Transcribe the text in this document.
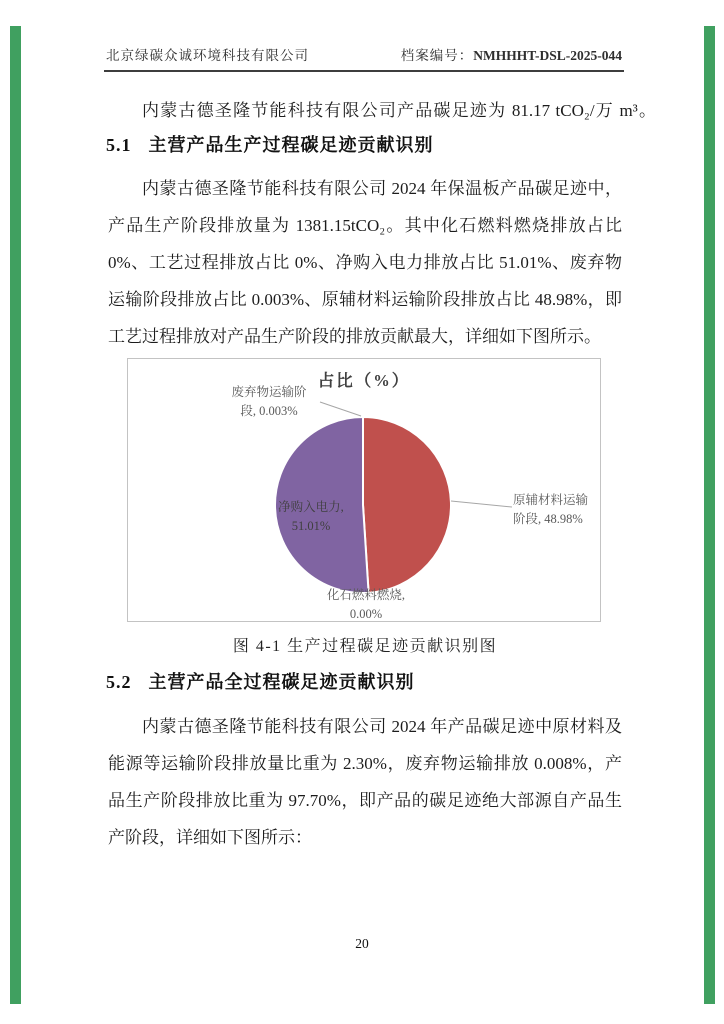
北京绿碳众诚环境科技有限公司	档案编号：NMHHHT-DSL-2025-044
内蒙古德圣隆节能科技有限公司产品碳足迹为 81.17 tCO₂/万 m³。
5.1 主营产品生产过程碳足迹贡献识别
内蒙古德圣隆节能科技有限公司 2024 年保温板产品碳足迹中，
产品生产阶段排放量为 1381.15tCO₂。其中化石燃料燃烧排放占比
0%、工艺过程排放占比 0%、净购入电力排放占比 51.01%、废弃物
运输阶段排放占比 0.003%、原辅材料运输阶段排放占比 48.98%，即
工艺过程排放对产品生产阶段的排放贡献最大，详细如下图所示。
占比（%）
废弃物运输阶
段, 0.003%
净购入电力,
51.01%
原辅材料运输
阶段, 48.98%
化石燃料燃烧,
0.00%
图 4-1 生产过程碳足迹贡献识别图
5.2 主营产品全过程碳足迹贡献识别
内蒙古德圣隆节能科技有限公司 2024 年产品碳足迹中原材料及
能源等运输阶段排放量比重为 2.30%，废弃物运输排放 0.008%，产
品生产阶段排放比重为 97.70%，即产品的碳足迹绝大部源自产品生
产阶段，详细如下图所示：
20
